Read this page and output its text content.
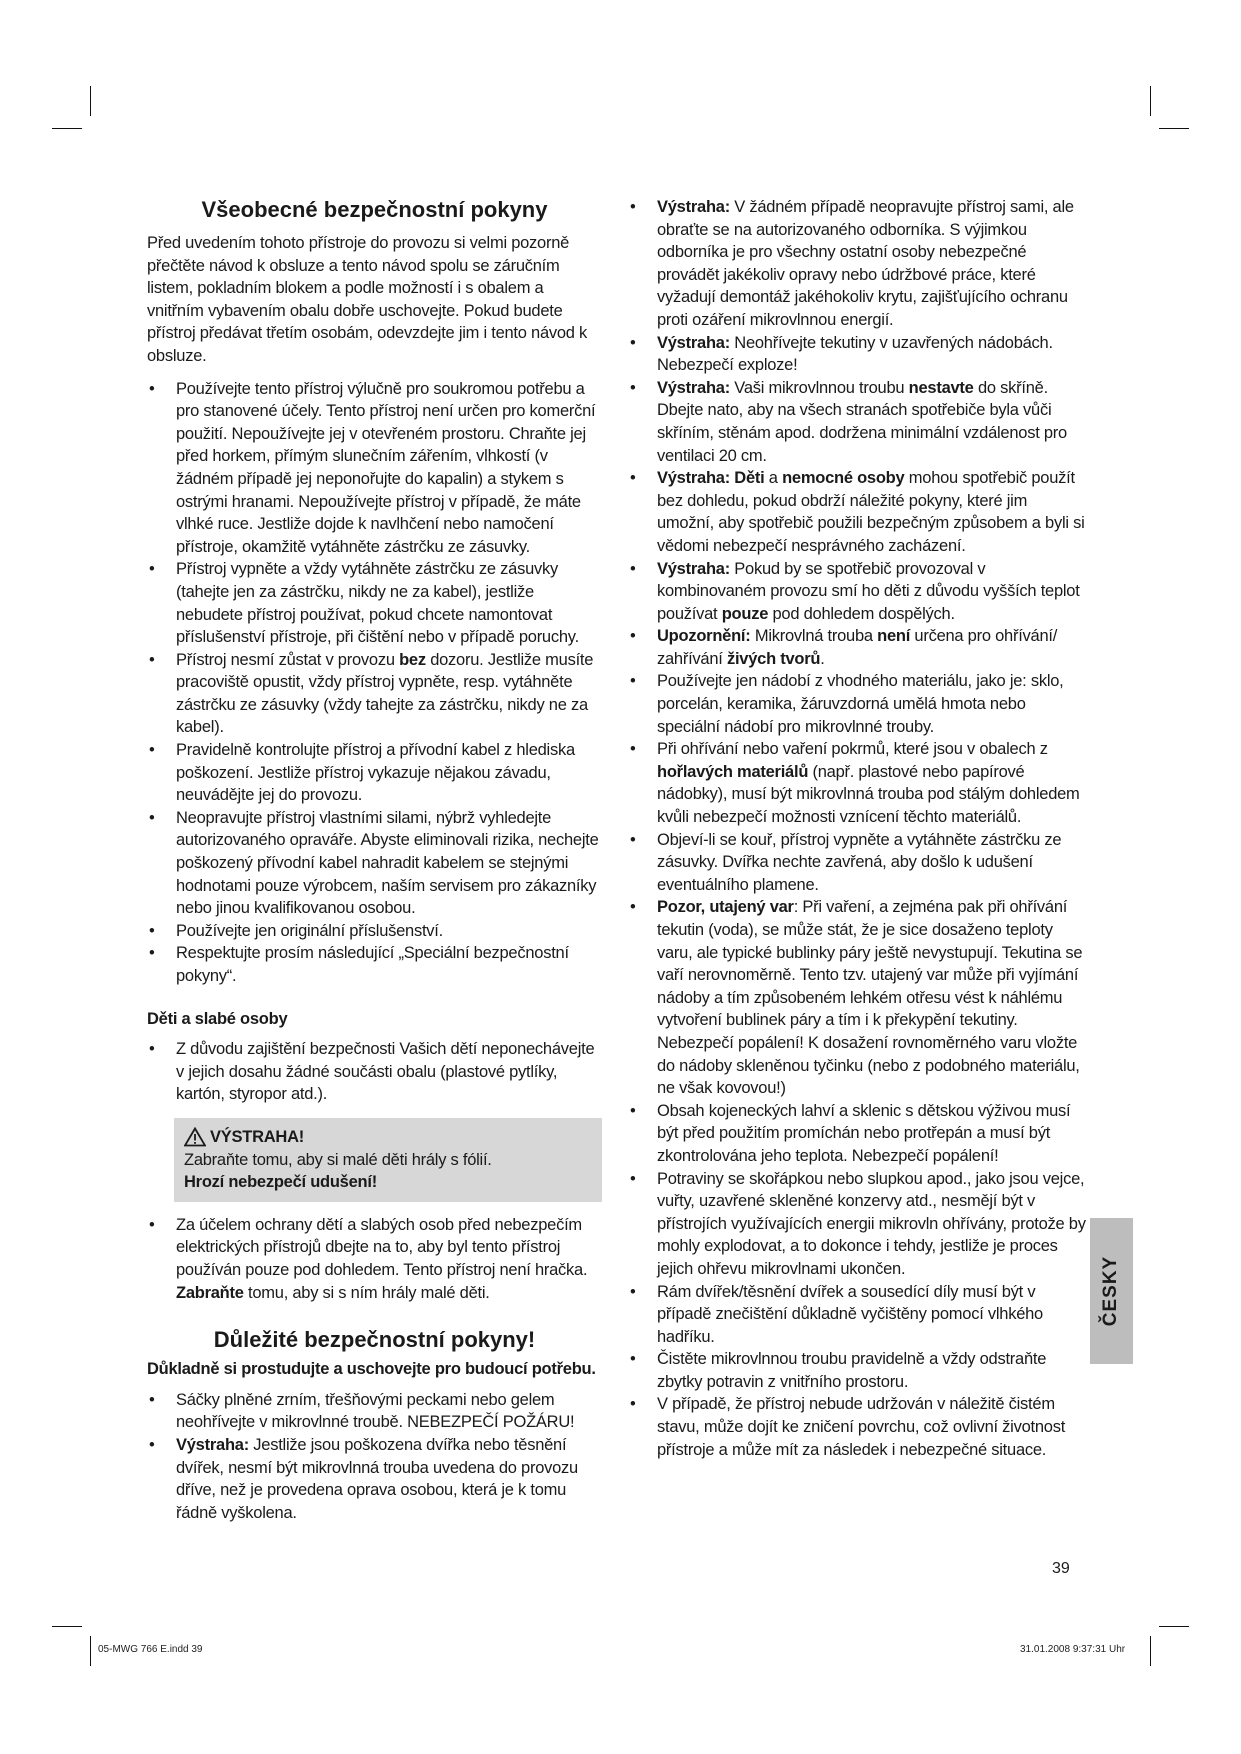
Všeobecné bezpečnostní pokyny

Před uvedením tohoto přístroje do provozu si velmi pozorně přečtěte návod k obsluze a tento návod spolu se záručním listem, pokladním blokem a podle možností i s obalem a vnitřním vybavením obalu dobře uschovejte. Pokud budete přístroj předávat třetím osobám, odevzdejte jim i tento návod k obsluze.

•	Používejte tento přístroj výlučně pro soukromou potřebu a pro stanovené účely. Tento přístroj není určen pro komerční použití. Nepoužívejte jej v otevřeném prostoru. Chraňte jej před horkem, přímým slunečním zářením, vlhkostí (v žádném případě jej neponořujte do kapalin) a stykem s ostrými hranami. Nepoužívejte přístroj v případě, že máte vlhké ruce. Jestliže dojde k navlhčení nebo namočení přístroje, okamžitě vytáhněte zástrčku ze zásuvky.
•	Přístroj vypněte a vždy vytáhněte zástrčku ze zásuvky (tahejte jen za zástrčku, nikdy ne za kabel), jestliže nebudete přístroj používat, pokud chcete namontovat příslušenství přístroje, při čištění nebo v případě poruchy.
•	Přístroj nesmí zůstat v provozu bez dozoru. Jestliže musíte pracoviště opustit, vždy přístroj vypněte, resp. vytáhněte zástrčku ze zásuvky (vždy tahejte za zástrčku, nikdy ne za kabel).
•	Pravidelně kontrolujte přístroj a přívodní kabel z hlediska poškození. Jestliže přístroj vykazuje nějakou závadu, neuvádějte jej do provozu.
•	Neopravujte přístroj vlastními silami, nýbrž vyhledejte autorizovaného opraváře. Abyste eliminovali rizika, nechejte poškozený přívodní kabel nahradit kabelem se stejnými hodnotami pouze výrobcem, naším servisem pro zákazníky nebo jinou kvalifikovanou osobou.
•	Používejte jen originální příslušenství.
•	Respektujte prosím následující „Speciální bezpečnostní pokyny“.
Děti a slabé osoby
•	Z důvodu zajištění bezpečnosti Vašich dětí neponechávejte v jejich dosahu žádné součásti obalu (plastové pytlíky, kartón, styropor atd.).
VÝSTRAHA!
Zabraňte tomu, aby si malé děti hrály s fólií.
Hrozí nebezpečí udušení!
•	Za účelem ochrany dětí a slabých osob před nebezpečím elektrických přístrojů dbejte na to, aby byl tento přístroj používán pouze pod dohledem. Tento přístroj není hračka. Zabraňte tomu, aby si s ním hrály malé děti.
Důležité bezpečnostní pokyny!
Důkladně si prostudujte a uschovejte pro budoucí potřebu.
•	Sáčky plněné zrním, třešňovými peckami nebo gelem neohřívejte v mikrovlnné troubě. NEBEZPEČÍ POŽÁRU!
•	Výstraha: Jestliže jsou poškozena dvířka nebo těsnění dvířek, nesmí být mikrovlnná trouba uvedena do provozu dříve, než je provedena oprava osobou, která je k tomu řádně vyškolena.
•	Výstraha: V žádném případě neopravujte přístroj sami, ale obraťte se na autorizovaného odborníka. S výjimkou odborníka je pro všechny ostatní osoby nebezpečné provádět jakékoliv opravy nebo údržbové práce, které vyžadují demontáž jakéhokoliv krytu, zajišťujícího ochranu proti ozáření mikrovlnnou energií.
•	Výstraha: Neohřívejte tekutiny v uzavřených nádobách. Nebezpečí exploze!
•	Výstraha: Vaši mikrovlnnou troubu nestavte do skříně. Dbejte nato, aby na všech stranách spotřebiče byla vůči skříním, stěnám apod. dodržena minimální vzdálenost pro ventilaci 20 cm.
•	Výstraha: Děti a nemocné osoby mohou spotřebič použít bez dohledu, pokud obdrží náležité pokyny, které jim umožní, aby spotřebič použili bezpečným způsobem a byli si vědomi nebezpečí nesprávného zacházení.
•	Výstraha: Pokud by se spotřebič provozoval v kombinovaném provozu smí ho děti z důvodu vyšších teplot používat pouze pod dohledem dospělých.
•	Upozornění: Mikrovlná trouba není určena pro ohřívání/ zahřívání živých tvorů.
•	Používejte jen nádobí z vhodného materiálu, jako je: sklo, porcelán, keramika, žáruvzdorná umělá hmota nebo speciální nádobí pro mikrovlnné trouby.
•	Při ohřívání nebo vaření pokrmů, které jsou v obalech z hořlavých materiálů (např. plastové nebo papírové nádobky), musí být mikrovlnná trouba pod stálým dohledem kvůli nebezpečí možnosti vznícení těchto materiálů.
•	Objeví-li se kouř, přístroj vypněte a vytáhněte zástrčku ze zásuvky. Dvířka nechte zavřená, aby došlo k udušení eventuálního plamene.
•	Pozor, utajený var: Při vaření, a zejména pak při ohřívání tekutin (voda), se může stát, že je sice dosaženo teploty varu, ale typické bublinky páry ještě nevystupují. Tekutina se vaří nerovnoměrně. Tento tzv. utajený var může při vyjímání nádoby a tím způsobeném lehkém otřesu vést k náhlému vytvoření bublinek páry a tím i k překypění tekutiny. Nebezpečí popálení! K dosažení rovnoměrného varu vložte do nádoby skleněnou tyčinku (nebo z podobného materiálu, ne však kovovou!)
•	Obsah kojeneckých lahví a sklenic s dětskou výživou musí být před použitím promíchán nebo protřepán a musí být zkontrolována jeho teplota. Nebezpečí popálení!
•	Potraviny se skořápkou nebo slupkou apod., jako jsou vejce, vuřty, uzavřené skleněné konzervy atd., nesmějí být v přístrojích využívajících energii mikrovln ohřívány, protože by mohly explodovat, a to dokonce i tehdy, jestliže je proces jejich ohřevu mikrovlnami ukončen.
•	Rám dvířek/těsnění dvířek a sousedící díly musí být v případě znečištění důkladně vyčištěny pomocí vlhkého hadříku.
•	Čistěte mikrovlnnou troubu pravidelně a vždy odstraňte zbytky potravin z vnitřního prostoru.
•	V případě, že přístroj nebude udržován v náležitě čistém stavu, může dojít ke zničení povrchu, což ovlivní životnost přístroje a může mít za následek i nebezpečné situace.
ČESKY
39
05-MWG 766 E.indd 39	31.01.2008 9:37:31 Uhr
